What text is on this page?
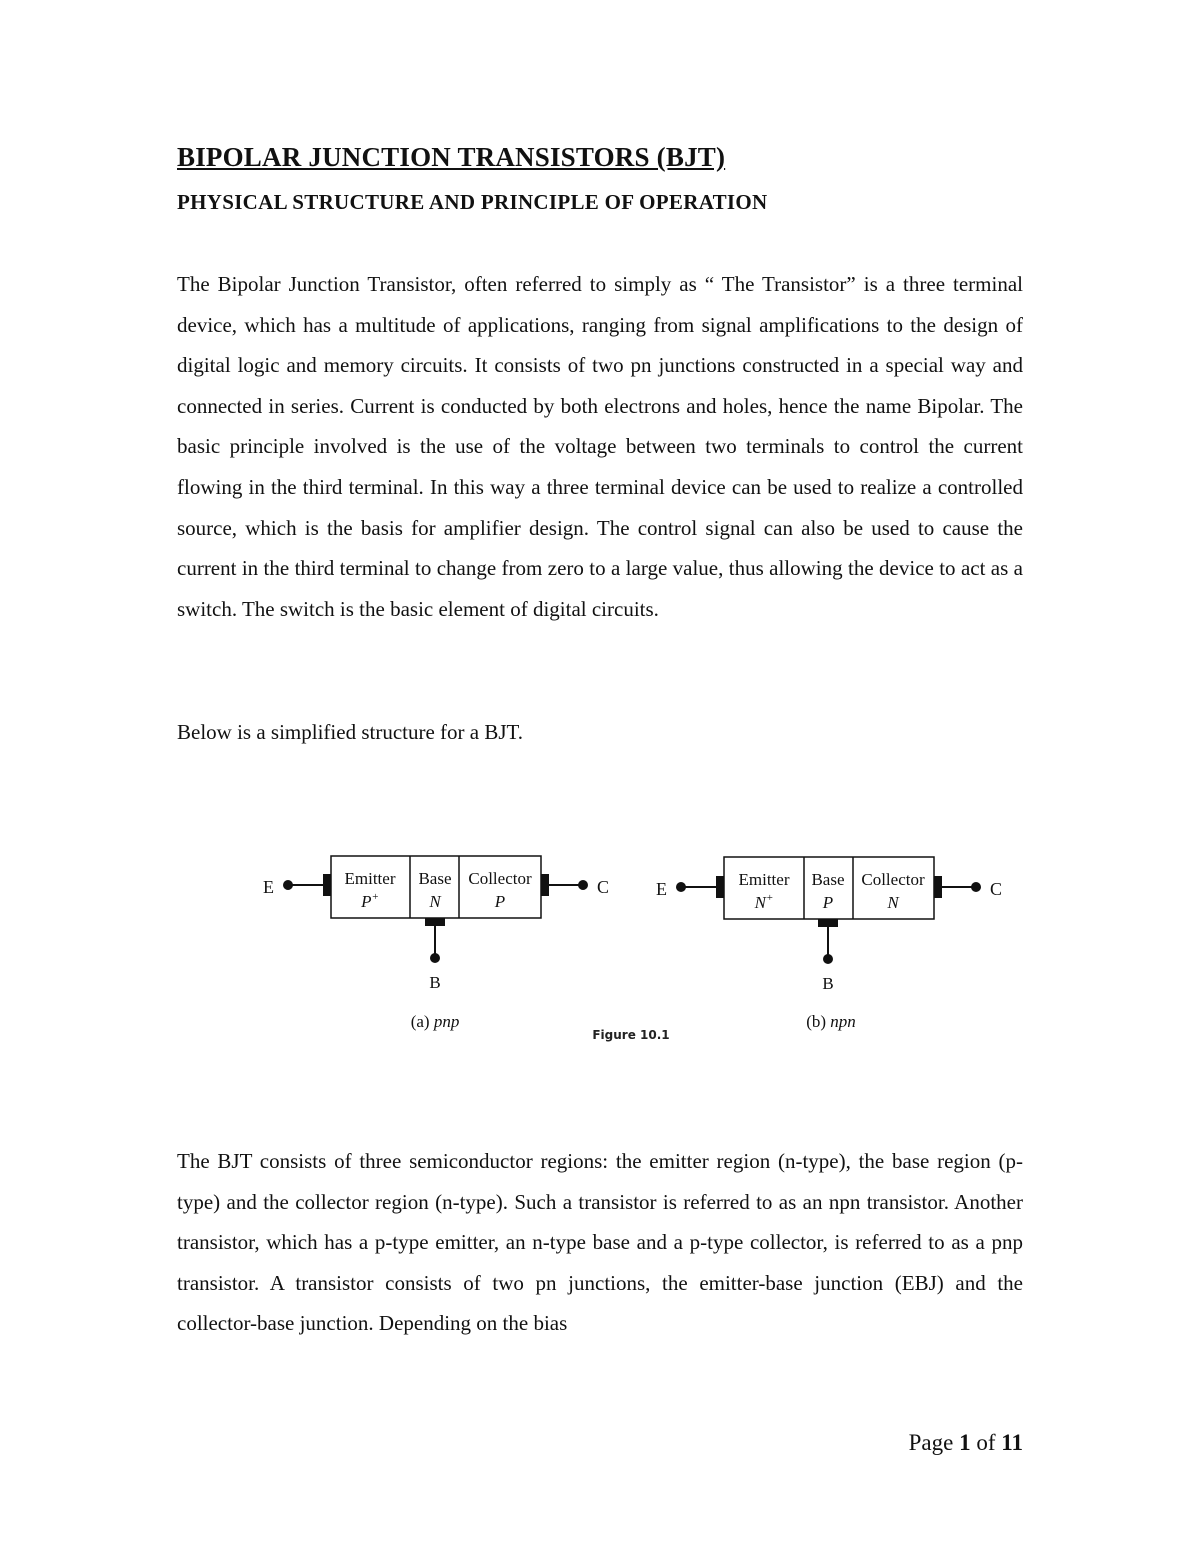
BIPOLAR JUNCTION TRANSISTORS (BJT)
PHYSICAL STRUCTURE AND PRINCIPLE OF OPERATION

The Bipolar Junction Transistor, often referred to simply as “ The Transistor” is a three terminal device, which has a multitude of applications, ranging from signal amplifications to the design of digital logic and memory circuits. It consists of two pn junctions constructed in a special way and connected in series. Current is conducted by both electrons and holes, hence the name Bipolar. The basic principle involved is the use of the voltage between two terminals to control the current flowing in the third terminal. In this way a three terminal device can be used to realize a controlled source, which is the basis for amplifier design. The control signal can also be used to cause the current in the third terminal to change from zero to a large value, thus allowing the device to act as a switch. The switch is the basic element of digital circuits.

Below is a simplified structure for a BJT.

E	Emitter
P+
Base
N
Collector
P
C
B
(a) pnp
Figure 10.1
E	Emitter
N+
Base
P
Collector
N
C
B
(b) npn

The BJT consists of three semiconductor regions: the emitter region (n-type), the base region (p-type) and the collector region (n-type). Such a transistor is referred to as an npn transistor. Another transistor, which has a p-type emitter, an n-type base and a p-type collector, is referred to as a pnp transistor. A transistor consists of two pn junctions, the emitter-base junction (EBJ) and the collector-base junction. Depending on the bias

Page 1 of 11
